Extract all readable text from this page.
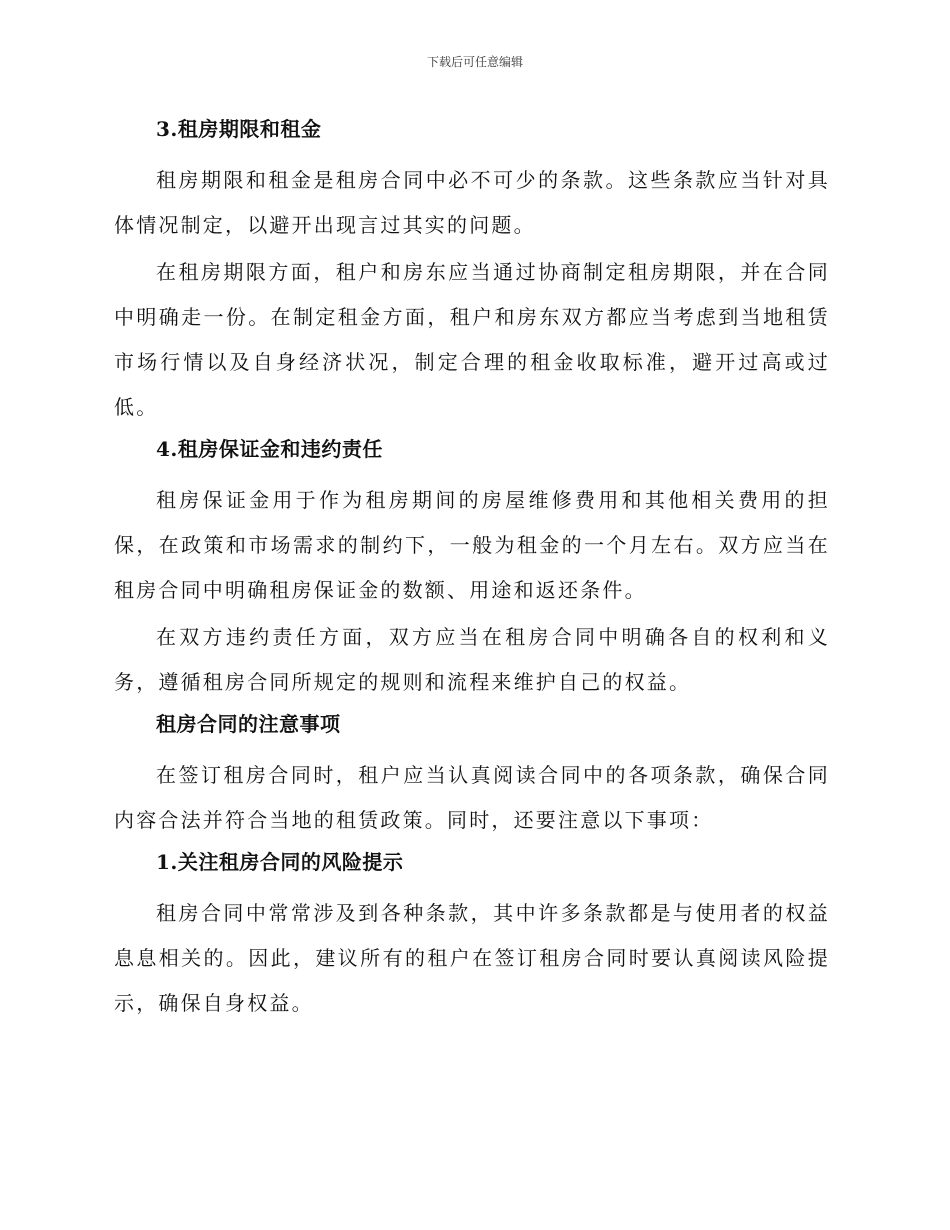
下载后可任意编辑
3.租房期限和租金

租房期限和租金是租房合同中必不可少的条款。这些条款应当针对具体情况制定，以避开出现言过其实的问题。

在租房期限方面，租户和房东应当通过协商制定租房期限，并在合同中明确走一份。在制定租金方面，租户和房东双方都应当考虑到当地租赁市场行情以及自身经济状况，制定合理的租金收取标准，避开过高或过低。

4.租房保证金和违约责任

租房保证金用于作为租房期间的房屋维修费用和其他相关费用的担保，在政策和市场需求的制约下，一般为租金的一个月左右。双方应当在租房合同中明确租房保证金的数额、用途和返还条件。

在双方违约责任方面，双方应当在租房合同中明确各自的权利和义务，遵循租房合同所规定的规则和流程来维护自己的权益。

租房合同的注意事项

在签订租房合同时，租户应当认真阅读合同中的各项条款，确保合同内容合法并符合当地的租赁政策。同时，还要注意以下事项：

1.关注租房合同的风险提示

租房合同中常常涉及到各种条款，其中许多条款都是与使用者的权益息息相关的。因此，建议所有的租户在签订租房合同时要认真阅读风险提示，确保自身权益。
